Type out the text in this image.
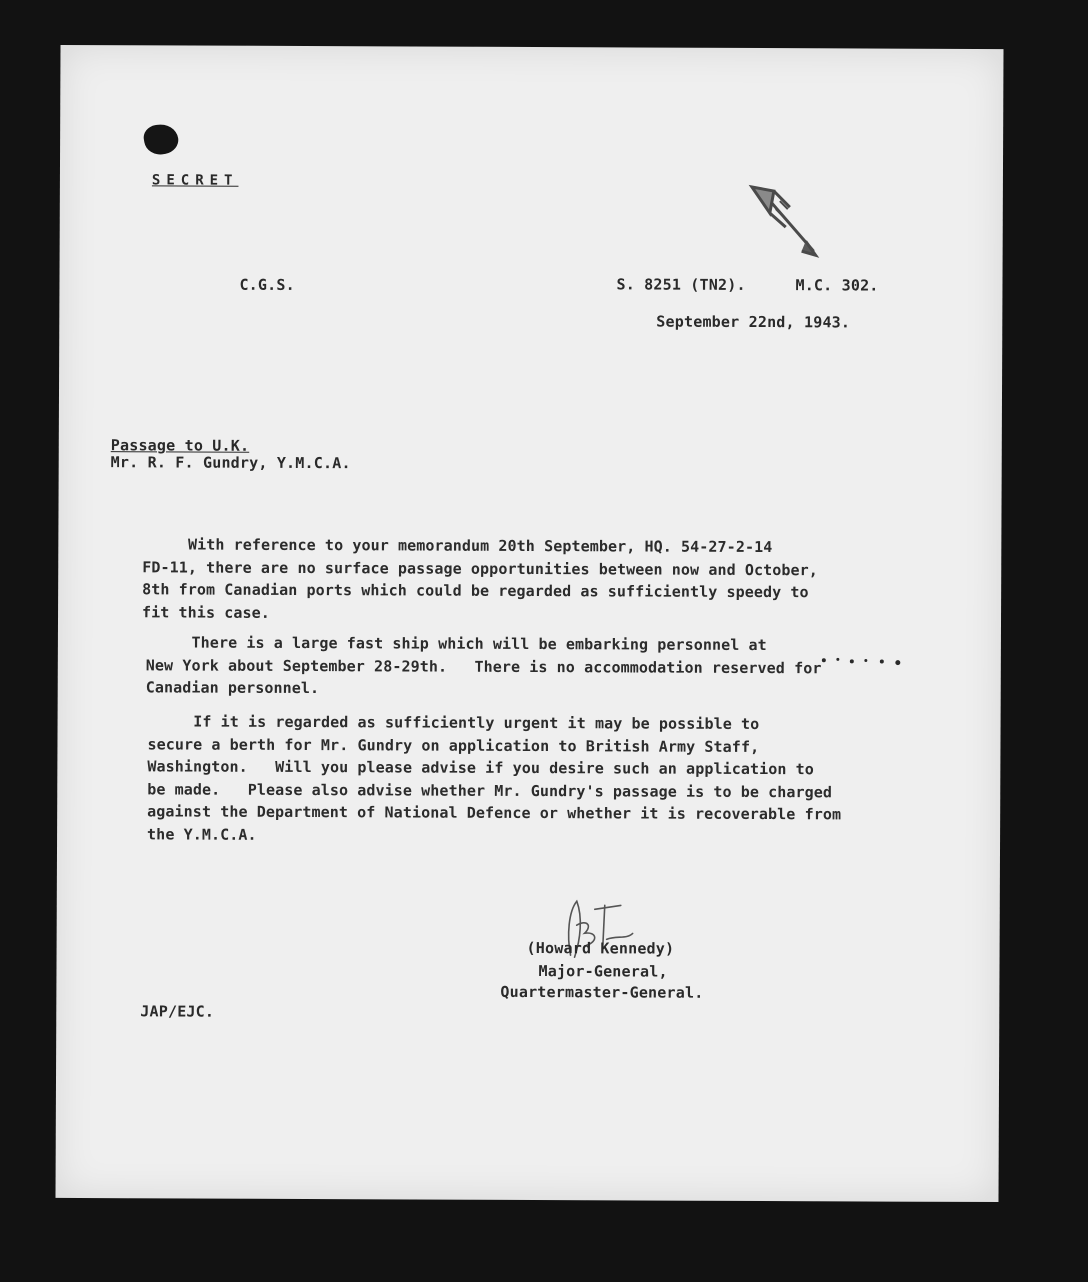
SECRET
C.G.S.	S. 8251 (TN2).	M.C. 302.
September 22nd, 1943.
Passage to U.K.
Mr. R. F. Gundry, Y.M.C.A.
With reference to your memorandum 20th September, HQ. 54-27-2-14
FD-11, there are no surface passage opportunities between now and October,
8th from Canadian ports which could be regarded as sufficiently speedy to
fit this case.
There is a large fast ship which will be embarking personnel at
New York about September 28-29th.   There is no accommodation reserved for
Canadian personnel.
If it is regarded as sufficiently urgent it may be possible to
secure a berth for Mr. Gundry on application to British Army Staff,
Washington.   Will you please advise if you desire such an application to
be made.   Please also advise whether Mr. Gundry's passage is to be charged
against the Department of National Defence or whether it is recoverable from
the Y.M.C.A.
(Howard Kennedy)
Major-General,
Quartermaster-General.
JAP/EJC.
